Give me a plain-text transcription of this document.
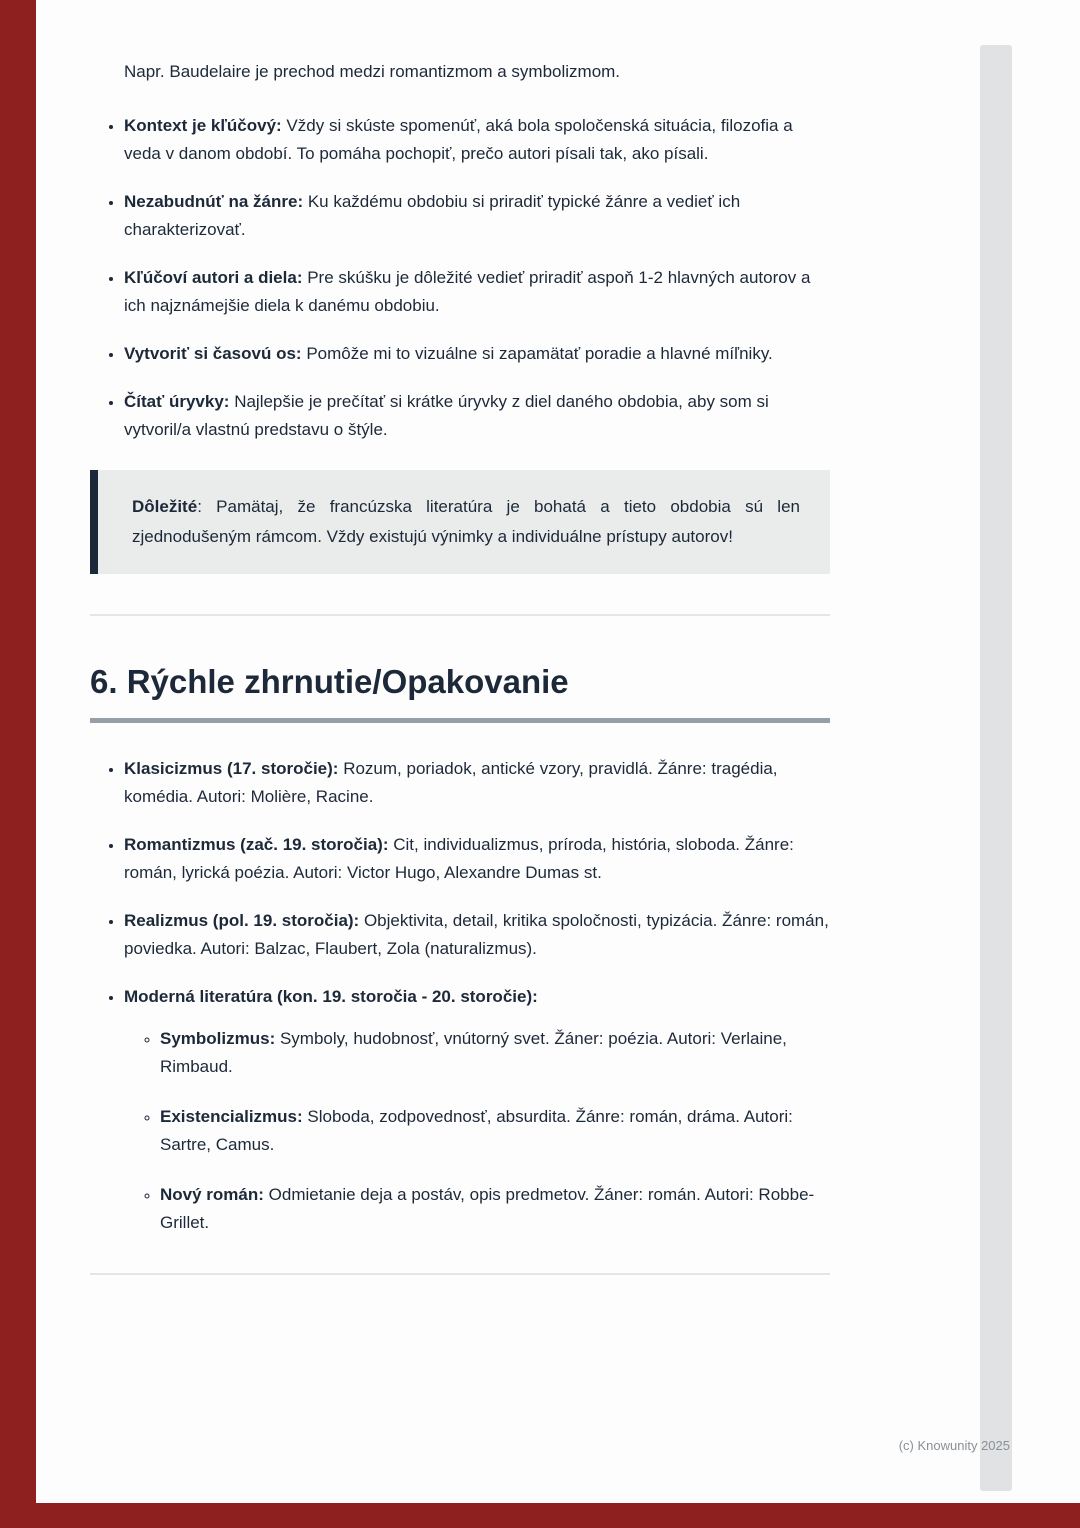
Napr. Baudelaire je prechod medzi romantizmom a symbolizmom.

• Kontext je kľúčový: Vždy si skúste spomenúť, aká bola spoločenská situácia, filozofia a veda v danom období. To pomáha pochopiť, prečo autori písali tak, ako písali.
• Nezabudnúť na žánre: Ku každému obdobiu si priradiť typické žánre a vedieť ich charakterizovať.
• Kľúčoví autori a diela: Pre skúšku je dôležité vedieť priradiť aspoň 1-2 hlavných autorov a ich najznámejšie diela k danému obdobiu.
• Vytvoriť si časovú os: Pomôže mi to vizuálne si zapamätať poradie a hlavné míľniky.
• Čítať úryvky: Najlepšie je prečítať si krátke úryvky z diel daného obdobia, aby som si vytvoril/a vlastnú predstavu o štýle.

Dôležité: Pamätaj, že francúzska literatúra je bohatá a tieto obdobia sú len zjednodušeným rámcom. Vždy existujú výnimky a individuálne prístupy autorov!

6. Rýchle zhrnutie/Opakovanie
• Klasicizmus (17. storočie): Rozum, poriadok, antické vzory, pravidlá. Žánre: tragédia, komédia. Autori: Molière, Racine.
• Romantizmus (zač. 19. storočia): Cit, individualizmus, príroda, história, sloboda. Žánre: román, lyrická poézia. Autori: Victor Hugo, Alexandre Dumas st.
• Realizmus (pol. 19. storočia): Objektivita, detail, kritika spoločnosti, typizácia. Žánre: román, poviedka. Autori: Balzac, Flaubert, Zola (naturalizmus).
• Moderná literatúra (kon. 19. storočia - 20. storočie):
◦ Symbolizmus: Symboly, hudobnosť, vnútorný svet. Žáner: poézia. Autori: Verlaine, Rimbaud.
◦ Existencializmus: Sloboda, zodpovednosť, absurdita. Žánre: román, dráma. Autori: Sartre, Camus.
◦ Nový román: Odmietanie deja a postáv, opis predmetov. Žáner: román. Autori: Robbe-Grillet.
(c) Knowunity 2025
